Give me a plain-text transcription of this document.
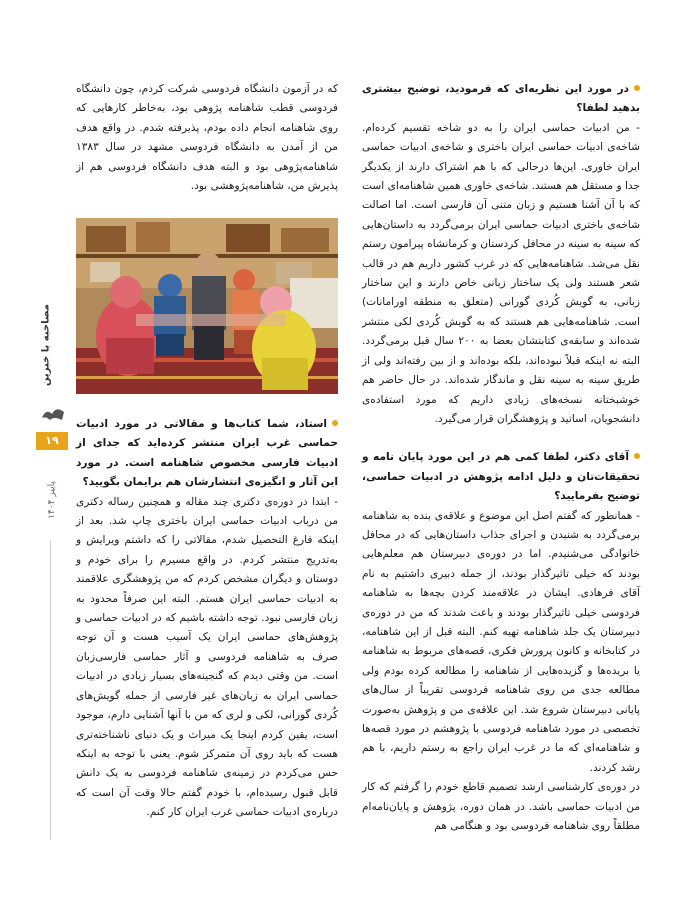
در مورد این نظریه‌ای که فرمودید، توضیح بیشتری بدهید لطفا؟

- من ادبیات حماسی ایران را به دو شاخه تقسیم کرده‌ام. شاخه‌ی ادبیات حماسی ایران باختری و شاخه‌ی ادبیات حماسی ایران خاوری. این‌ها درحالی که با هم اشتراک دارند از یکدیگر جدا و مستقل هم هستند. شاخه‌ی خاوری همین شاهنامه‌ای است که با آن آشنا هستیم و زبان متنی آن فارسی است. اما اصالت شاخه‌ی باختری ادبیات حماسی ایران برمی‌گردد به داستان‌هایی که سینه به سینه در محافل کردستان و کرمانشاه پیرامون رستم نقل می‌شد. شاهنامه‌هایی که در غرب کشور داریم هم در قالب شعر هستند ولی یک ساختار زبانی خاص دارند و این ساختار زبانی، به گویش کُردی گورانی (متعلق به منطقه اورامانات) است. شاهنامه‌هایی هم هستند که به گویش کُردی لکی منتشر شده‌اند و سابقه‌ی کتابتشان بعضا به ۲۰۰ سال قبل برمی‌گردد. البته نه اینکه قبلاً نبوده‌اند، بلکه بوده‌اند و از بین رفته‌اند ولی از طریق سینه به سینه نقل و ماندگار شده‌اند. در حال حاضر هم خوشبختانه نسخه‌های زیادی داریم که مورد استفاده‌ی دانشجویان، اساتید و پژوهشگران قرار می‌گیرد.

آقای دکتر، لطفا کمی هم در این مورد پایان نامه و تحقیقات‌تان و دلیل ادامه پژوهش در ادبیات حماسی، توضیح بفرمایید؟

- همانطور که گفتم اصل این موضوع و علاقه‌ی بنده به شاهنامه برمی‌گردد به شنیدن و اجرای جذاب داستان‌هایی که در محافل خانوادگی می‌شنیدم. اما در دوره‌ی دبیرستان هم معلم‌هایی بودند که خیلی تاثیرگذار بودند، از جمله دبیری داشتیم به نام آقای فرهادی. ایشان در علاقه‌مند کردن بچه‌ها به شاهنامه فردوسی خیلی تاثیرگذار بودند و باعث شدند که من در دوره‌ی دبیرستان یک جلد شاهنامه تهیه کنم. البته قبل از این شاهنامه، در کتابخانه و کانون پرورش فکری، قصه‌های مربوط به شاهنامه یا بریده‌ها و گزیده‌هایی از شاهنامه را مطالعه کرده بودم ولی مطالعه جدی من روی شاهنامه فردوسی تقریباً از سال‌های پایانی دبیرستان شروع شد. این علاقه‌ی من و پژوهش به‌صورت تخصصی در مورد شاهنامه فردوسی با پژوهشم در مورد قصه‌ها و شاهنامه‌ای که ما در غرب ایران راجع به رستم داریم، با هم رشد کردند.

در دوره‌ی کارشناسی ارشد تصمیم قاطع خودم را گرفتم که کار من ادبیات حماسی باشد. در همان دوره، پژوهش و پایان‌نامه‌ام مطلقاً روی شاهنامه فردوسی بود و هنگامی هم

که در آزمون دانشگاه فردوسی شرکت کردم، چون دانشگاه فردوسی قطب شاهنامه پژوهی بود، به‌خاطر کارهایی که روی شاهنامه انجام داده بودم، پذیرفته شدم. در واقع هدف من از آمدن به دانشگاه فردوسی مشهد در سال ۱۳۸۳ شاهنامه‌پژوهی بود و البته هدف دانشگاه فردوسی هم از پذیرش من، شاهنامه‌پژوهشی بود.

استاد، شما کتاب‌ها و مقالاتی در مورد ادبیات حماسی غرب ایران منتشر کرده‌اید که جدای از ادبیات فارسی مخصوص شاهنامه است. در مورد این آثار و انگیزه‌ی انتشارشان هم برایمان بگویید؟

- ابتدا در دوره‌ی دکتری چند مقاله و همچنین رساله دکتری من درباب ادبیات حماسی ایران باختری چاپ شد. بعد از اینکه فارغ التحصیل شدم، مقالاتی را که داشتم ویرایش و به‌تدریج منتشر کردم. در واقع مسیرم را برای خودم و دوستان و دیگران مشخص کردم که من پژوهشگری علاقمند به ادبیات حماسی ایران هستم. البته این صرفاً محدود به زبان فارسی نبود. توجه داشته باشیم که در ادبیات حماسی و پژوهش‌های حماسی ایران یک آسیب هست و آن توجه صرف به شاهنامه فردوسی و آثار حماسی فارسی‌زبان است. من وقتی دیدم که گنجینه‌های بسیار زیادی در ادبیات حماسی ایران به زبان‌های غیر فارسی از جمله گویش‌های کُردی گورانی، لکی و لری که من با آنها آشنایی دارم، موجود است، یقین کردم اینجا یک میراث و یک دنیای ناشناخته‌تری هست که باید روی آن متمرکز شوم. یعنی با توجه به اینکه حس می‌کردم در زمینه‌ی شاهنامه فردوسی به یک دانش قابل قبول رسیده‌ام، با خودم گفتم حالا وقت آن است که درباره‌ی ادبیات حماسی غرب ایران کار کنم.

مصاحبه با خبرین
۱۹
پاییز ۱۴۰۴
